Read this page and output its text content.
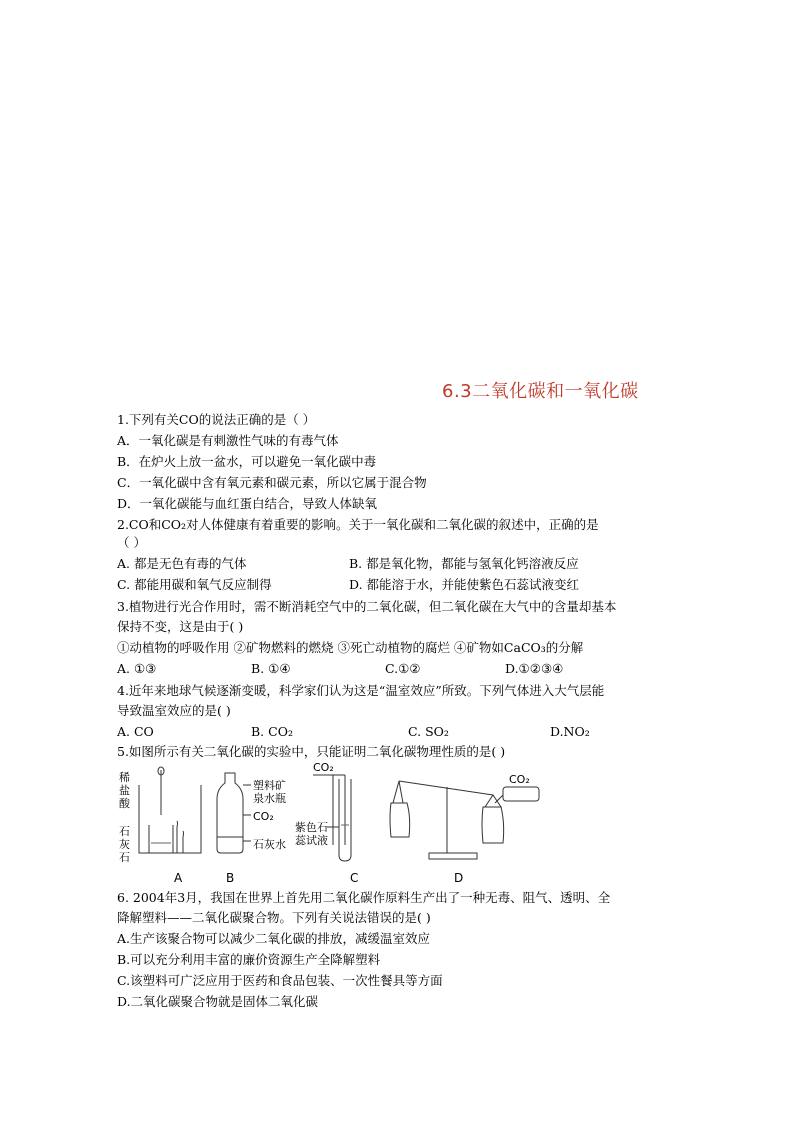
6.3二氧化碳和一氧化碳
1.下列有关CO的说法正确的是（ ）
A．一氧化碳是有刺激性气味的有毒气体
B．在炉火上放一盆水，可以避免一氧化碳中毒
C．一氧化碳中含有氧元素和碳元素，所以它属于混合物
D．一氧化碳能与血红蛋白结合，导致人体缺氧
2.CO和CO₂对人体健康有着重要的影响。关于一氧化碳和二氧化碳的叙述中，正确的是
（ ）
A. 都是无色有毒的气体	B. 都是氧化物，都能与氢氧化钙溶液反应
C. 都能用碳和氧气反应制得	D. 都能溶于水，并能使紫色石蕊试液变红
3.植物进行光合作用时，需不断消耗空气中的二氧化碳，但二氧化碳在大气中的含量却基本
保持不变，这是由于( )
①动植物的呼吸作用 ②矿物燃料的燃烧 ③死亡动植物的腐烂 ④矿物如CaCO₃的分解
A. ①③	B. ①④	C.①②	D.①②③④
4.近年来地球气候逐渐变暖，科学家们认为这是“温室效应”所致。下列气体进入大气层能
导致温室效应的是( )
A. CO	B. CO₂	C. SO₂	D.NO₂
5.如图所示有关二氧化碳的实验中，只能证明二氧化碳物理性质的是( )
稀
盐
酸
石
灰
石
塑料矿
泉水瓶
CO₂
石灰水
CO₂
紫色石
蕊试液
CO₂
A	B	C	D
6. 2004年3月，我国在世界上首先用二氧化碳作原料生产出了一种无毒、阻气、透明、全
降解塑料——二氧化碳聚合物。下列有关说法错误的是( )
A.生产该聚合物可以减少二氧化碳的排放，减缓温室效应
B.可以充分利用丰富的廉价资源生产全降解塑料
C.该塑料可广泛应用于医药和食品包装、一次性餐具等方面
D.二氧化碳聚合物就是固体二氧化碳
